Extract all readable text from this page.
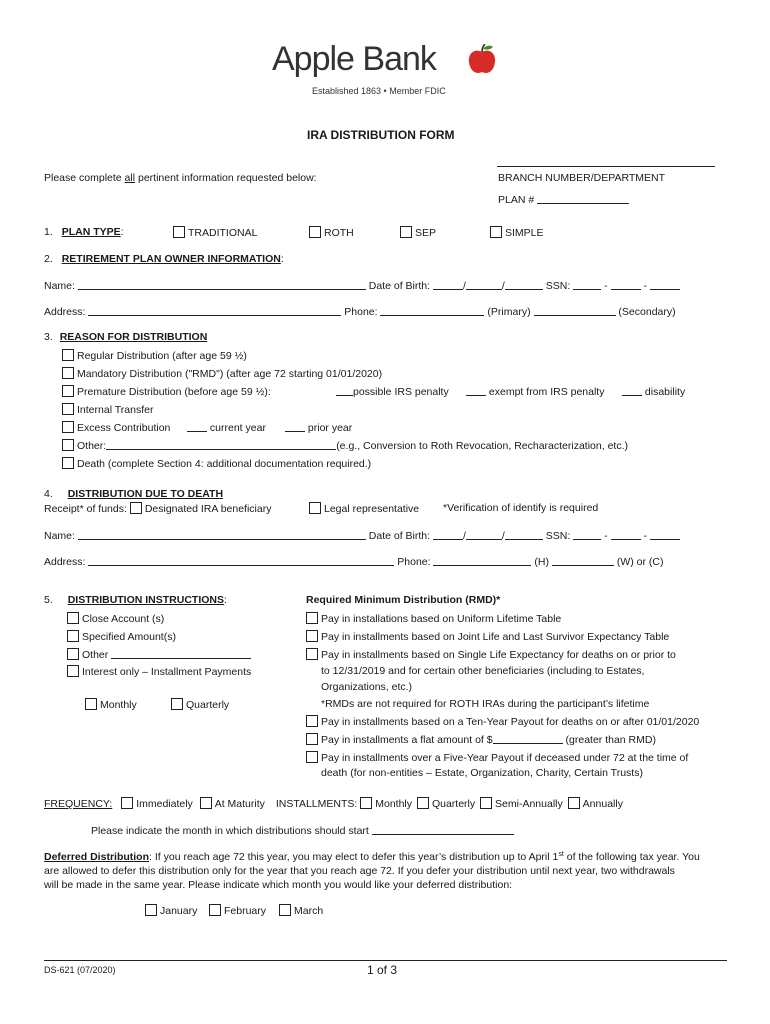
Apple Bank
Established 1863 • Member FDIC
IRA DISTRIBUTION FORM
Please complete all pertinent information requested below:	BRANCH NUMBER/DEPARTMENT
PLAN #
1. PLAN TYPE:	TRADITIONAL	ROTH	SEP	SIMPLE
2. RETIREMENT PLAN OWNER INFORMATION:
Name:	Date of Birth:	/	/	SSN:	-	-
Address:	Phone:	(Primary)	(Secondary)
3. REASON FOR DISTRIBUTION
Regular Distribution (after age 59 ½)
Mandatory Distribution ("RMD") (after age 72 starting 01/01/2020)
Premature Distribution (before age 59 ½):	possible IRS penalty	exempt from IRS penalty	disability
Internal Transfer
Excess Contribution	current year	prior year
Other:	(e.g., Conversion to Roth Revocation, Recharacterization, etc.)
Death (complete Section 4: additional documentation required.)
4. DISTRIBUTION DUE TO DEATH
Receipt* of funds: Designated IRA beneficiary	Legal representative *Verification of identify is required
Name:	Date of Birth:	/	/	SSN:	-	-
Address:	Phone:	(H)	(W) or (C)
5. DISTRIBUTION INSTRUCTIONS:
Close Account (s)
Specified Amount(s)
Other
Interest only – Installment Payments
Monthly	Quarterly
Required Minimum Distribution (RMD)*
Pay in installations based on Uniform Lifetime Table
Pay in installments based on Joint Life and Last Survivor Expectancy Table
Pay in installments based on Single Life Expectancy for deaths on or prior to
to 12/31/2019 and for certain other beneficiaries (including to Estates,
Organizations, etc.)
*RMDs are not required for ROTH IRAs during the participant’s lifetime
Pay in installments based on a Ten-Year Payout for deaths on or after 01/01/2020
Pay in installments a flat amount of $	(greater than RMD)
Pay in installments over a Five-Year Payout if deceased under 72 at the time of
death (for non-entities – Estate, Organization, Charity, Certain Trusts)
FREQUENCY: Immediately At Maturity INSTALLMENTS: Monthly Quarterly Semi-Annually Annually
Please indicate the month in which distributions should start
Deferred Distribution: If you reach age 72 this year, you may elect to defer this year’s distribution up to April 1st of the following tax year. You
are allowed to defer this distribution only for the year that you reach age 72. If you defer your distribution until next year, two withdrawals
will be made in the same year. Please indicate which month you would like your deferred distribution:
January	February	March
DS-621 (07/2020)	1 of 3
